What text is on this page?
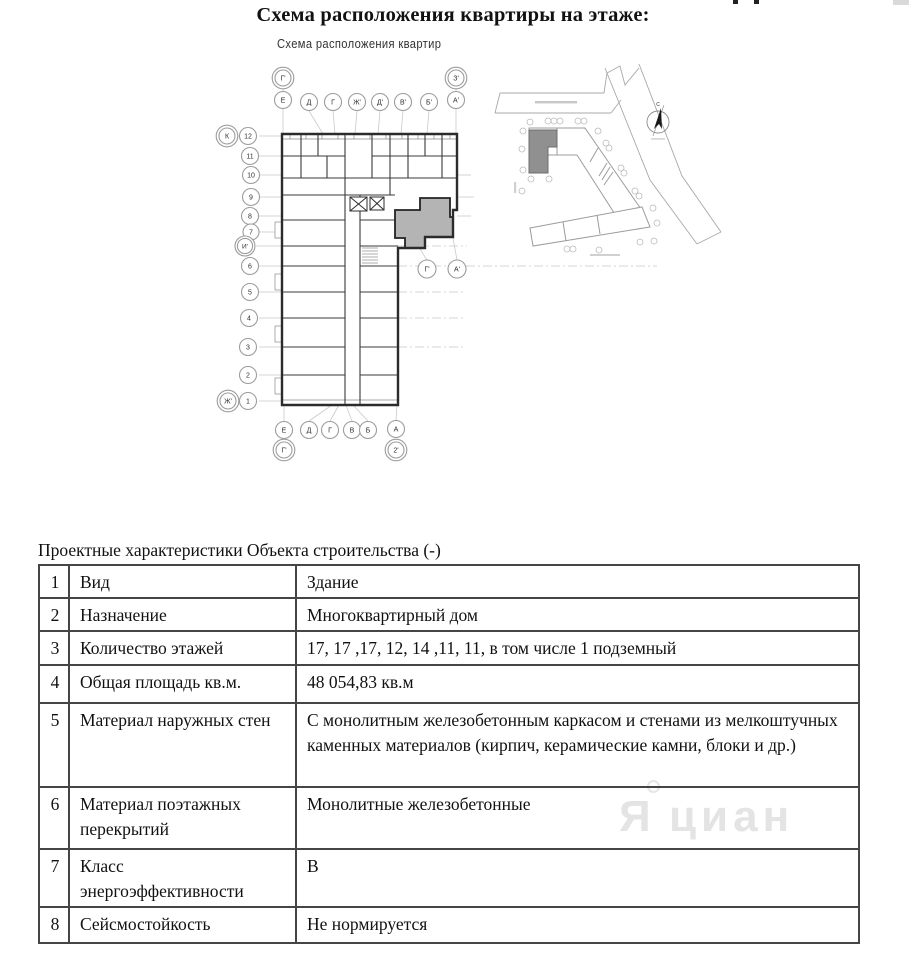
Схема расположения квартиры на этаже:
Схема расположения квартир
С
Г'	З'
Е	Д	Г	Ж' Д' В'	Б'	А'
К
Ж'
12
11
10
9
8
7
И'
6
5
4
3
2
1
Е	Д Г	В Б	А
Г'	2'
Г'	А'
Я циан
Проектные характеристики Объекта строительства (-)
1	Вид	Здание
2	Назначение	Многоквартирный дом
3	Количество этажей	17, 17 ,17, 12, 14 ,11, 11, в том числе 1 подземный
4	Общая площадь кв.м.	48 054,83 кв.м
5	Материал наружных стен	С монолитным железобетонным каркасом и стенами из мелкоштучных каменных материалов (кирпич, керамические камни, блоки и др.)
6	Материал поэтажных перекрытий	Монолитные железобетонные
7	Класс энергоэффективности	В
8	Сейсмостойкость	Не нормируется
